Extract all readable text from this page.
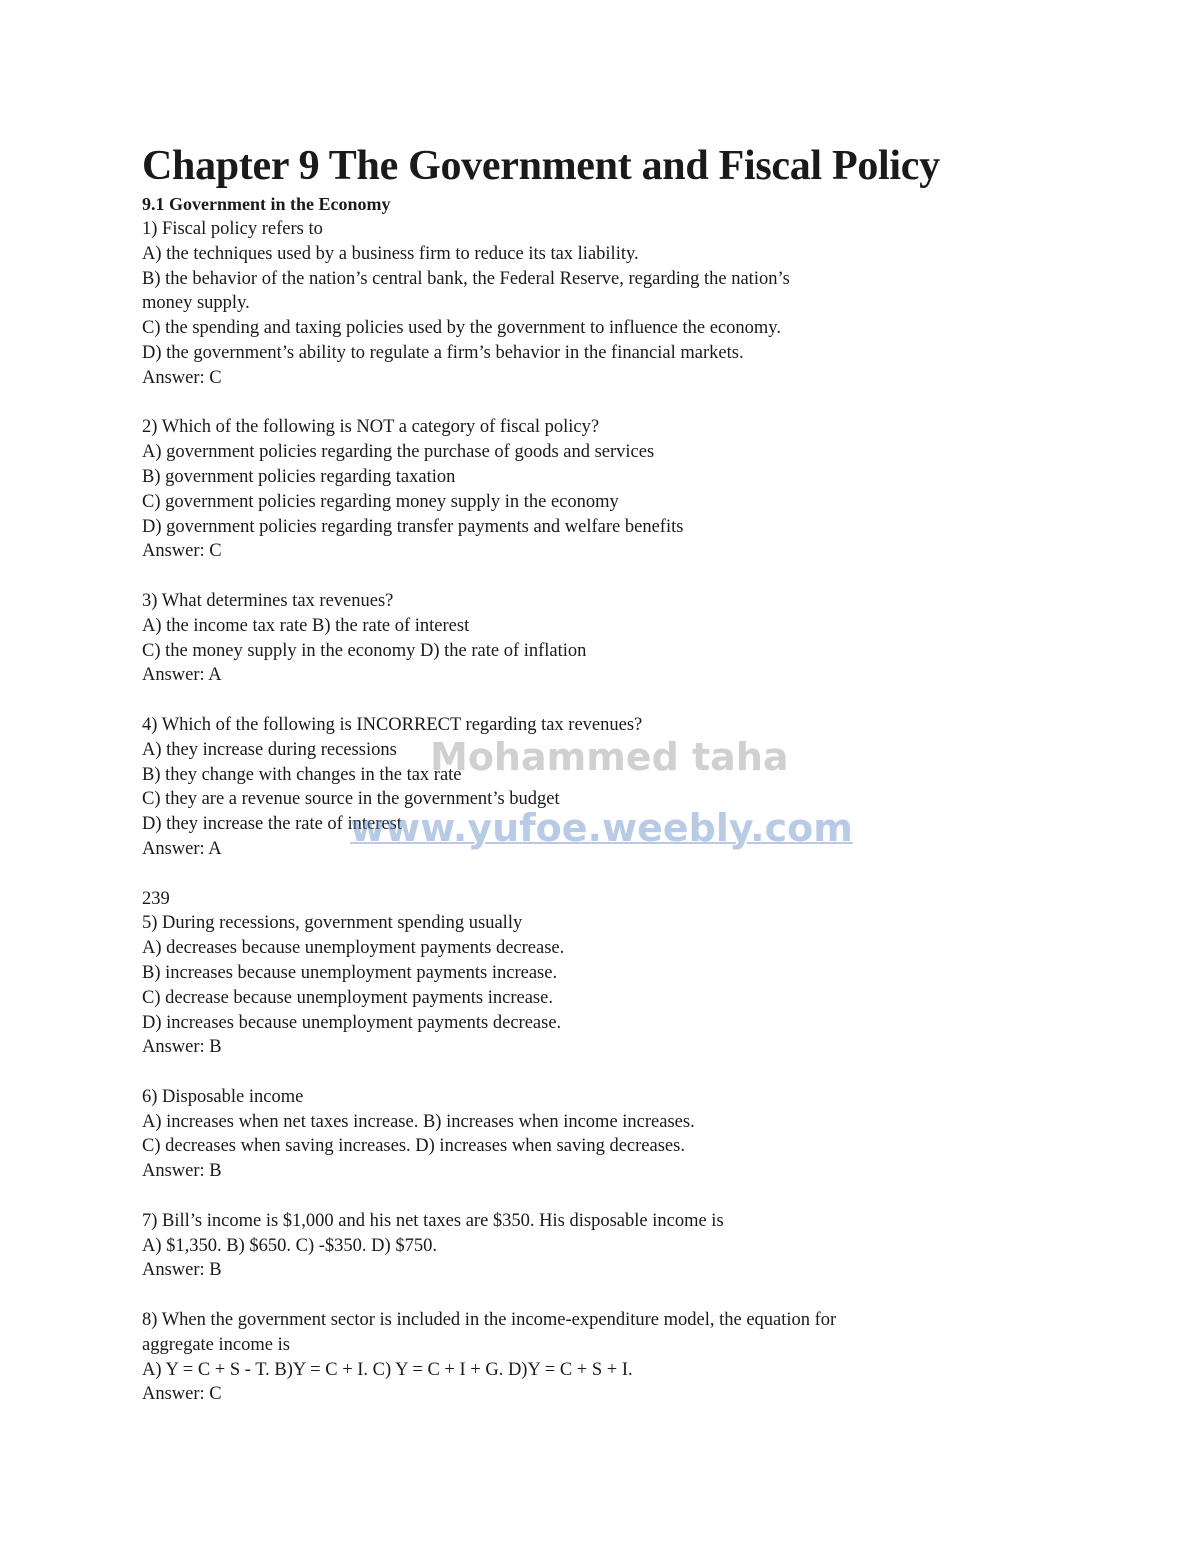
Chapter 9 The Government and Fiscal Policy
9.1 Government in the Economy
1) Fiscal policy refers to
A) the techniques used by a business firm to reduce its tax liability.
B) the behavior of the nation’s central bank, the Federal Reserve, regarding the nation’s
money supply.
C) the spending and taxing policies used by the government to influence the economy.
D) the government’s ability to regulate a firm’s behavior in the financial markets.
Answer: C
2) Which of the following is NOT a category of fiscal policy?
A) government policies regarding the purchase of goods and services
B) government policies regarding taxation
C) government policies regarding money supply in the economy
D) government policies regarding transfer payments and welfare benefits
Answer: C
3) What determines tax revenues?
A) the income tax rate B) the rate of interest
C) the money supply in the economy D) the rate of inflation
Answer: A
4) Which of the following is INCORRECT regarding tax revenues?
A) they increase during recessions
B) they change with changes in the tax rate
C) they are a revenue source in the government’s budget
D) they increase the rate of interest
Answer: A
239
5) During recessions, government spending usually
A) decreases because unemployment payments decrease.
B) increases because unemployment payments increase.
C) decrease because unemployment payments increase.
D) increases because unemployment payments decrease.
Answer: B
6) Disposable income
A) increases when net taxes increase. B) increases when income increases.
C) decreases when saving increases. D) increases when saving decreases.
Answer: B
7) Bill’s income is $1,000 and his net taxes are $350. His disposable income is
A) $1,350. B) $650. C) -$350. D) $750.
Answer: B
8) When the government sector is included in the income-expenditure model, the equation for
aggregate income is
A) Y = C + S - T. B)Y = C + I. C) Y = C + I + G. D)Y = C + S + I.
Answer: C
Mohammed taha
www.yufoe.weebly.com
